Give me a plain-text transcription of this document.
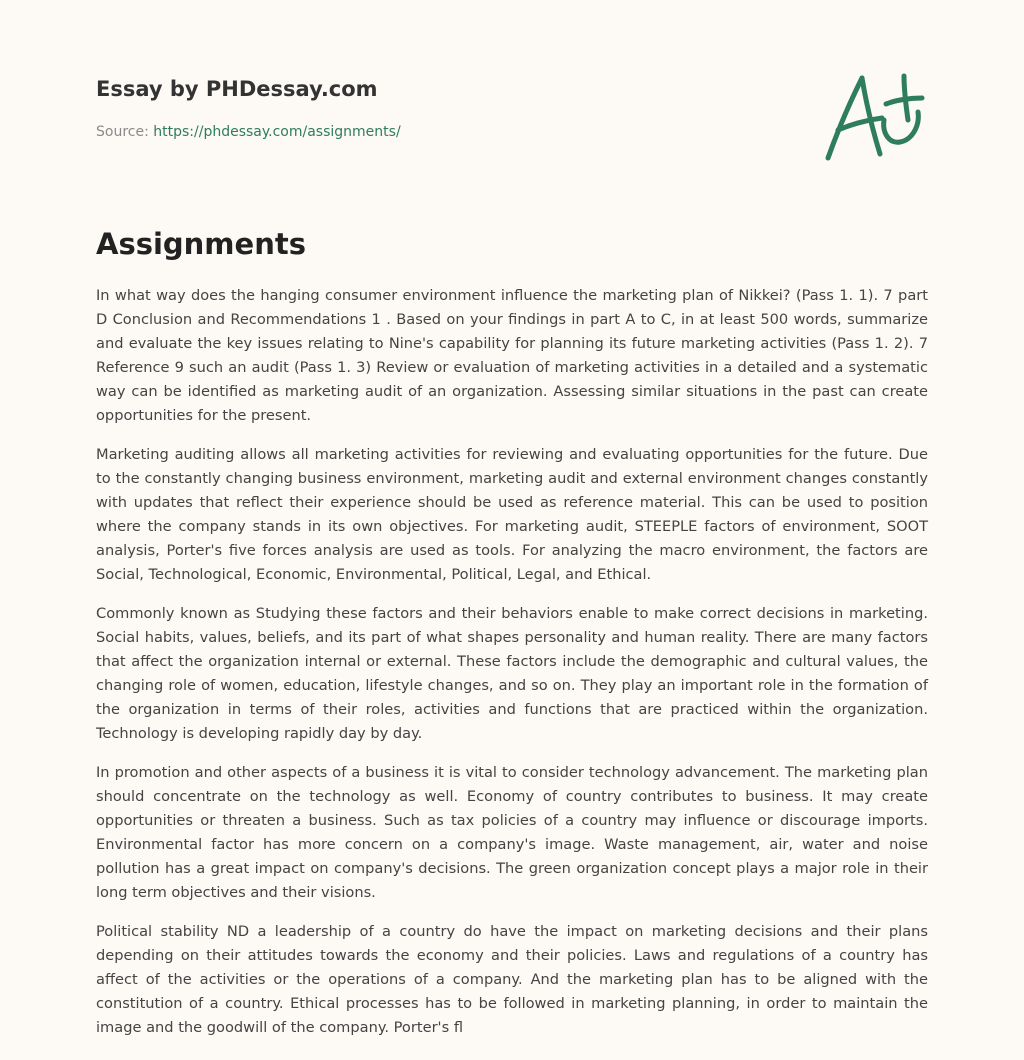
Essay by PHDessay.com
Source: https://phdessay.com/assignments/
Assignments

In what way does the hanging consumer environment influence the marketing plan of Nikkei? (Pass 1. 1). 7 part D Conclusion and Recommendations 1 . Based on your findings in part A to C, in at least 500 words, summarize and evaluate the key issues relating to Nine's capability for planning its future marketing activities (Pass 1. 2). 7 Reference 9 such an audit (Pass 1. 3) Review or evaluation of marketing activities in a detailed and a systematic way can be identified as marketing audit of an organization. Assessing similar situations in the past can create opportunities for the present.

Marketing auditing allows all marketing activities for reviewing and evaluating opportunities for the future. Due to the constantly changing business environment, marketing audit and external environment changes constantly with updates that reflect their experience should be used as reference material. This can be used to position where the company stands in its own objectives. For marketing audit, STEEPLE factors of environment, SOOT analysis, Porter's five forces analysis are used as tools. For analyzing the macro environment, the factors are Social, Technological, Economic, Environmental, Political, Legal, and Ethical.

Commonly known as Studying these factors and their behaviors enable to make correct decisions in marketing. Social habits, values, beliefs, and its part of what shapes personality and human reality. There are many factors that affect the organization internal or external. These factors include the demographic and cultural values, the changing role of women, education, lifestyle changes, and so on. They play an important role in the formation of the organization in terms of their roles, activities and functions that are practiced within the organization. Technology is developing rapidly day by day.

In promotion and other aspects of a business it is vital to consider technology advancement. The marketing plan should concentrate on the technology as well. Economy of country contributes to business. It may create opportunities or threaten a business. Such as tax policies of a country may influence or discourage imports. Environmental factor has more concern on a company's image. Waste management, air, water and noise pollution has a great impact on company's decisions. The green organization concept plays a major role in their long term objectives and their visions.

Political stability ND a leadership of a country do have the impact on marketing decisions and their plans depending on their attitudes towards the economy and their policies. Laws and regulations of a country has affect of the activities or the operations of a company. And the marketing plan has to be aligned with the constitution of a country. Ethical processes has to be followed in marketing planning, in order to maintain the image and the goodwill of the company. Porter's fl
